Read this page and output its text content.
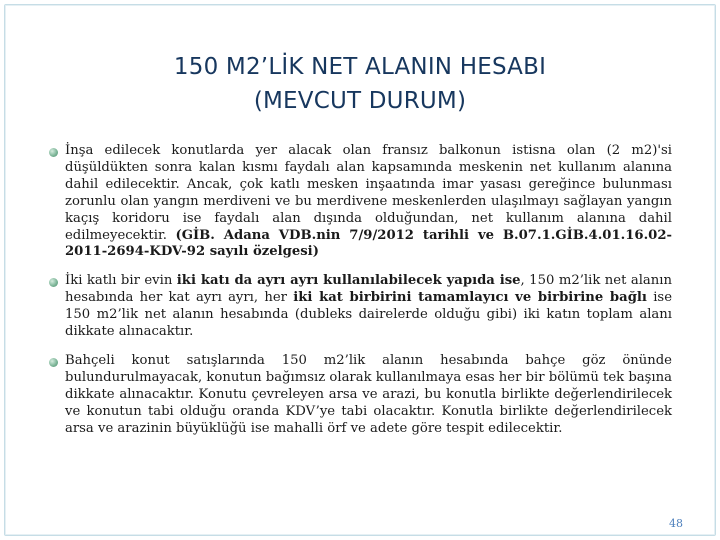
150 M2’LİK NET ALANIN HESABI
(MEVCUT DURUM)
İnşa edilecek konutlarda yer alacak olan fransız balkonun istisna olan (2 m2)'si düşüldükten sonra kalan kısmı faydalı alan kapsamında meskenin net kullanım alanına dahil edilecektir. Ancak, çok katlı mesken inşaatında imar yasası gereğince bulunması zorunlu olan yangın merdiveni ve bu merdivene meskenlerden ulaşılmayı sağlayan yangın kaçış koridoru ise faydalı alan dışında olduğundan, net kullanım alanına dahil edilmeyecektir. (GİB. Adana VDB.nin 7/9/2012 tarihli ve B.07.1.GİB.4.01.16.02-2011-2694-KDV-92 sayılı özelgesi)
İki katlı bir evin iki katı da ayrı ayrı kullanılabilecek yapıda ise, 150 m2’lik net alanın hesabında her kat ayrı ayrı, her iki kat birbirini tamamlayıcı ve birbirine bağlı ise 150 m2’lik net alanın hesabında (dubleks dairelerde olduğu gibi) iki katın toplam alanı dikkate alınacaktır.
Bahçeli konut satışlarında 150 m2’lik alanın hesabında bahçe göz önünde bulundurulmayacak, konutun bağımsız olarak kullanılmaya esas her bir bölümü tek başına dikkate alınacaktır. Konutu çevreleyen arsa ve arazi, bu konutla birlikte değerlendirilecek ve konutun tabi olduğu oranda KDV’ye tabi olacaktır. Konutla birlikte değerlendirilecek arsa ve arazinin büyüklüğü ise mahalli örf ve adete göre tespit edilecektir.
48
